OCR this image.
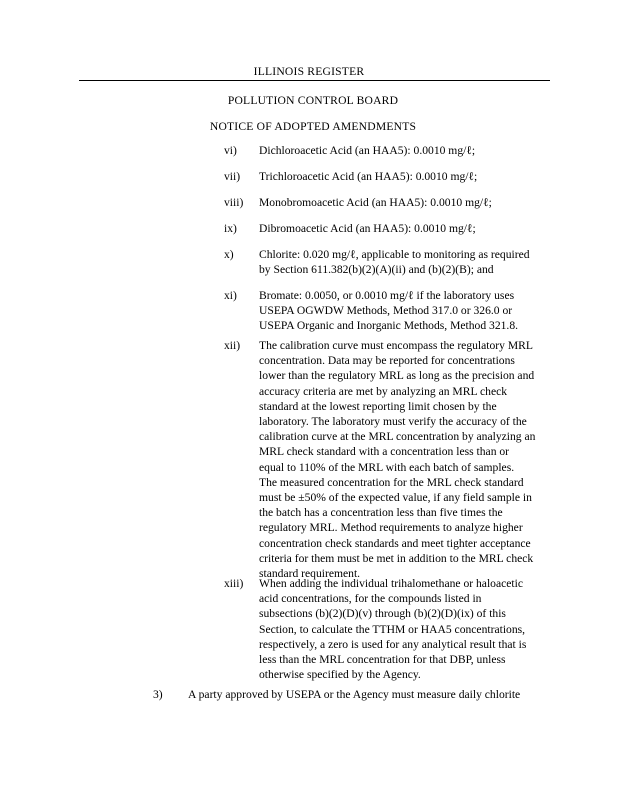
ILLINOIS REGISTER
POLLUTION CONTROL BOARD
NOTICE OF ADOPTED AMENDMENTS
vi) Dichloroacetic Acid (an HAA5): 0.0010 mg/ℓ;
vii) Trichloroacetic Acid (an HAA5): 0.0010 mg/ℓ;
viii) Monobromoacetic Acid (an HAA5): 0.0010 mg/ℓ;
ix) Dibromoacetic Acid (an HAA5): 0.0010 mg/ℓ;
x) Chlorite: 0.020 mg/ℓ, applicable to monitoring as required
by Section 611.382(b)(2)(A)(ii) and (b)(2)(B); and
xi) Bromate: 0.0050, or 0.0010 mg/ℓ if the laboratory uses
USEPA OGWDW Methods, Method 317.0 or 326.0 or
USEPA Organic and Inorganic Methods, Method 321.8.
xii) The calibration curve must encompass the regulatory MRL
concentration. Data may be reported for concentrations
lower than the regulatory MRL as long as the precision and
accuracy criteria are met by analyzing an MRL check
standard at the lowest reporting limit chosen by the
laboratory. The laboratory must verify the accuracy of the
calibration curve at the MRL concentration by analyzing an
MRL check standard with a concentration less than or
equal to 110% of the MRL with each batch of samples.
The measured concentration for the MRL check standard
must be ±50% of the expected value, if any field sample in
the batch has a concentration less than five times the
regulatory MRL. Method requirements to analyze higher
concentration check standards and meet tighter acceptance
criteria for them must be met in addition to the MRL check
standard requirement.
xiii) When adding the individual trihalomethane or haloacetic
acid concentrations, for the compounds listed in
subsections (b)(2)(D)(v) through (b)(2)(D)(ix) of this
Section, to calculate the TTHM or HAA5 concentrations,
respectively, a zero is used for any analytical result that is
less than the MRL concentration for that DBP, unless
otherwise specified by the Agency.
3) A party approved by USEPA or the Agency must measure daily chlorite
